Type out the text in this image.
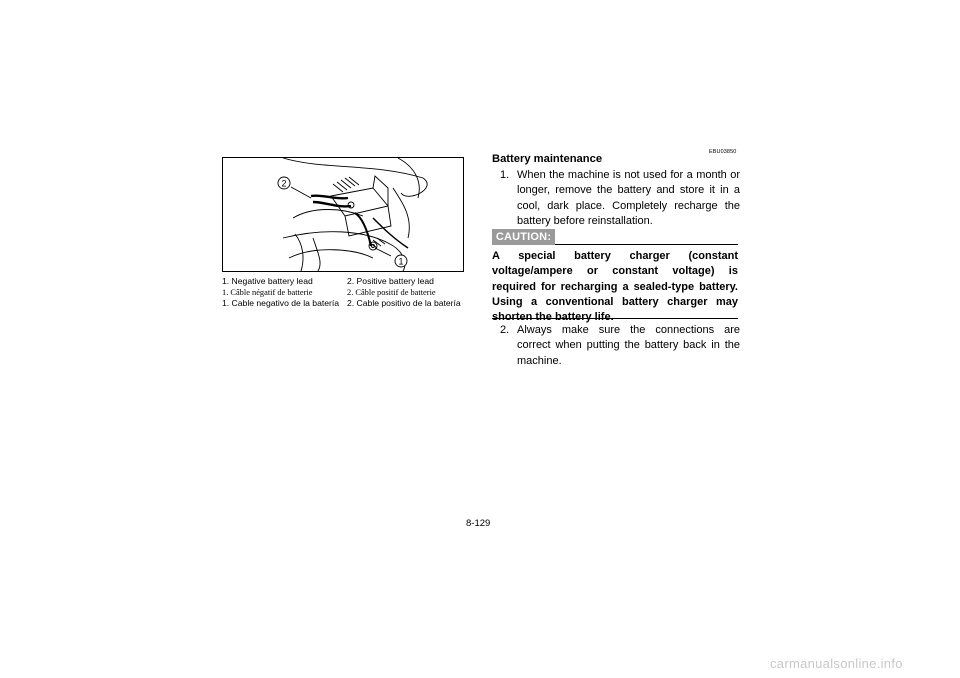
2
1
1. Negative battery lead	2. Positive battery lead
1. Câble négatif de batterie	2. Câble positif de batterie
1. Cable negativo de la batería 2. Cable positivo de la batería
EBU03850
Battery maintenance
1. When the machine is not used for a month or longer, remove the battery and store it in a cool, dark place. Completely recharge the battery before reinstallation.
CAUTION:
A special battery charger (constant voltage/ampere or constant voltage) is required for recharging a sealed-type battery. Using a conventional battery charger may shorten the battery life.
2. Always make sure the connections are correct when putting the battery back in the machine.
8-129
carmanualsonline.info
